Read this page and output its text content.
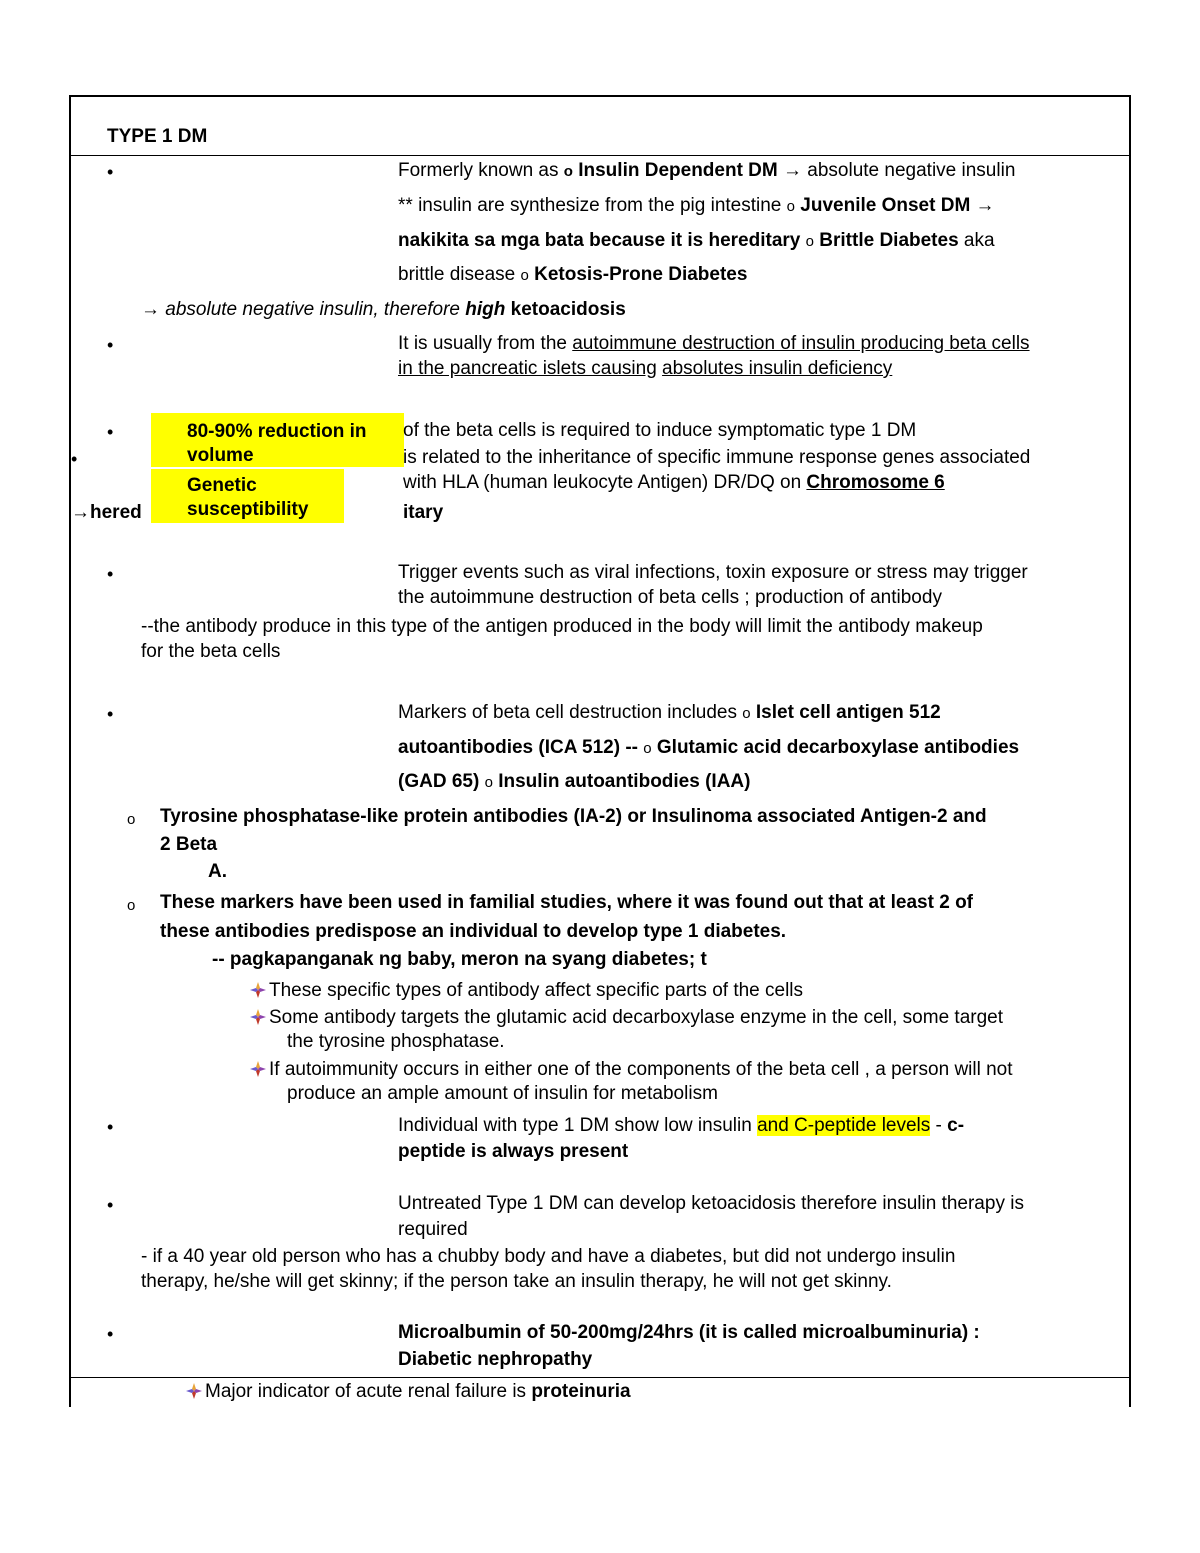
TYPE 1 DM
•	Formerly known as o Insulin Dependent DM → absolute negative insulin
** insulin are synthesize from the pig intestine o Juvenile Onset DM →
nakikita sa mga bata because it is hereditary o Brittle Diabetes aka
brittle disease o Ketosis-Prone Diabetes
→ absolute negative insulin, therefore high ketoacidosis
•	It is usually from the autoimmune destruction of insulin producing beta cells
in the pancreatic islets causing absolutes insulin deficiency
•
•
80-90% reduction in
volume
of the beta cells is required to induce symptomatic type 1 DM
Genetic
susceptibility
is related to the inheritance of specific immune response genes associated
with HLA (human leukocyte Antigen) DR/DQ on Chromosome 6
→hered	itary
•	Trigger events such as viral infections, toxin exposure or stress may trigger
the autoimmune destruction of beta cells ; production of antibody
--the antibody produce in this type of the antigen produced in the body will limit the antibody makeup
for the beta cells
•	Markers of beta cell destruction includes o Islet cell antigen 512
autoantibodies (ICA 512) -- o Glutamic acid decarboxylase antibodies
(GAD 65) o Insulin autoantibodies (IAA)
o Tyrosine phosphatase-like protein antibodies (IA-2) or Insulinoma associated Antigen-2 and
2 Beta
A.
o These markers have been used in familial studies, where it was found out that at least 2 of
these antibodies predispose an individual to develop type 1 diabetes.
-- pagkapanganak ng baby, meron na syang diabetes; t
These specific types of antibody affect specific parts of the cells
Some antibody targets the glutamic acid decarboxylase enzyme in the cell, some target
the tyrosine phosphatase.
If autoimmunity occurs in either one of the components of the beta cell , a person will not
produce an ample amount of insulin for metabolism
•	Individual with type 1 DM show low insulin and C-peptide levels - c-
peptide is always present
•	Untreated Type 1 DM can develop ketoacidosis therefore insulin therapy is
required
- if a 40 year old person who has a chubby body and have a diabetes, but did not undergo insulin
therapy, he/she will get skinny; if the person take an insulin therapy, he will not get skinny.
•	Microalbumin of 50-200mg/24hrs (it is called microalbuminuria) :
Diabetic nephropathy
Major indicator of acute renal failure is proteinuria
